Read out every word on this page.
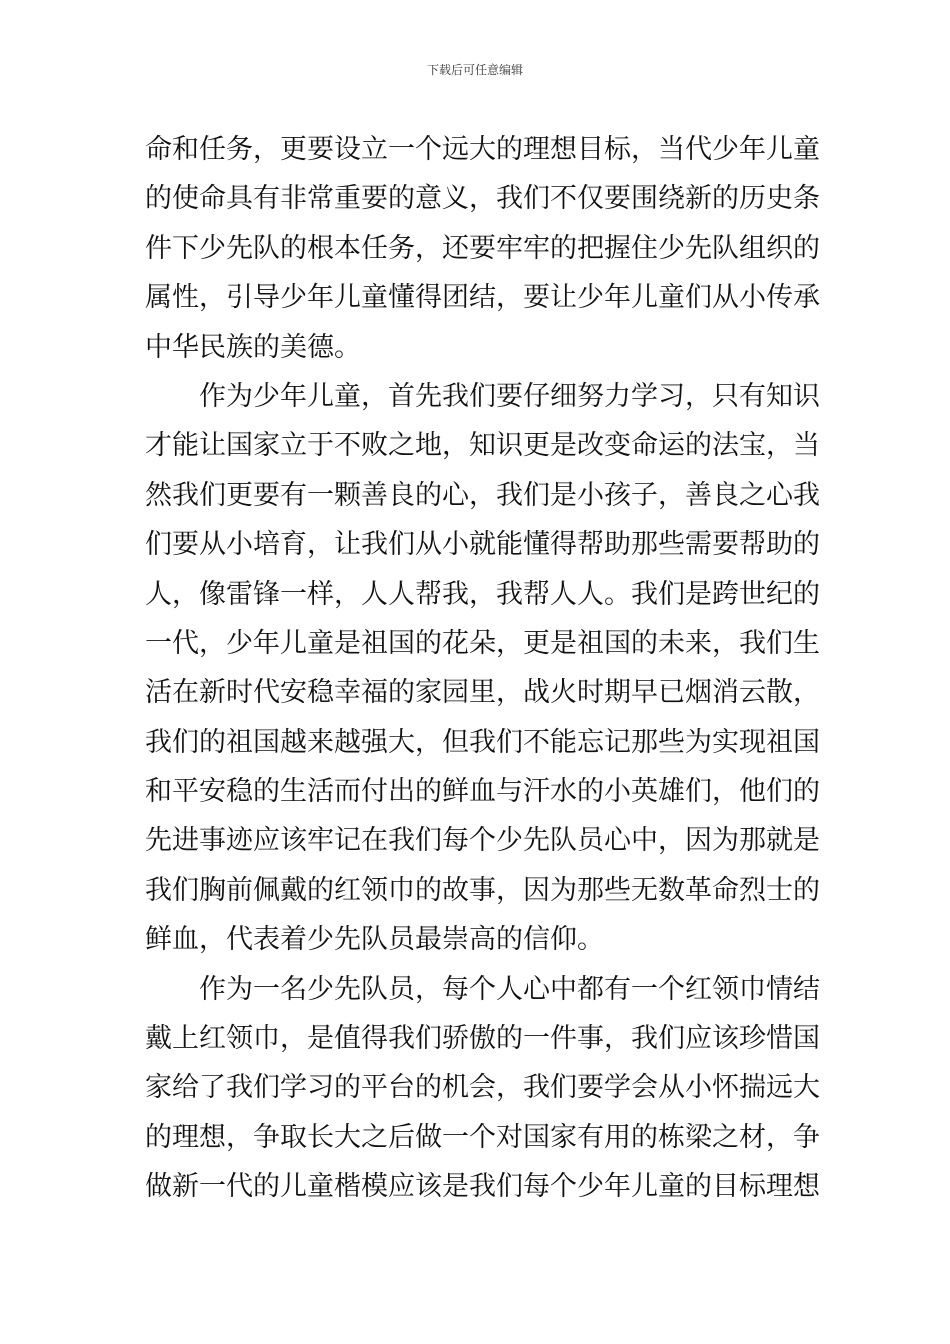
下载后可任意编辑
命和任务，更要设立一个远大的理想目标，当代少年儿童
的使命具有非常重要的意义，我们不仅要围绕新的历史条
件下少先队的根本任务，还要牢牢的把握住少先队组织的
属性，引导少年儿童懂得团结，要让少年儿童们从小传承
中华民族的美德。
作为少年儿童，首先我们要仔细努力学习，只有知识
才能让国家立于不败之地，知识更是改变命运的法宝，当
然我们更要有一颗善良的心，我们是小孩子，善良之心我
们要从小培育，让我们从小就能懂得帮助那些需要帮助的
人，像雷锋一样，人人帮我，我帮人人。我们是跨世纪的
一代，少年儿童是祖国的花朵，更是祖国的未来，我们生
活在新时代安稳幸福的家园里，战火时期早已烟消云散，
我们的祖国越来越强大，但我们不能忘记那些为实现祖国
和平安稳的生活而付出的鲜血与汗水的小英雄们，他们的
先进事迹应该牢记在我们每个少先队员心中，因为那就是
我们胸前佩戴的红领巾的故事，因为那些无数革命烈士的
鲜血，代表着少先队员最崇高的信仰。
作为一名少先队员，每个人心中都有一个红领巾情结
戴上红领巾，是值得我们骄傲的一件事，我们应该珍惜国
家给了我们学习的平台的机会，我们要学会从小怀揣远大
的理想，争取长大之后做一个对国家有用的栋梁之材，争
做新一代的儿童楷模应该是我们每个少年儿童的目标理想
